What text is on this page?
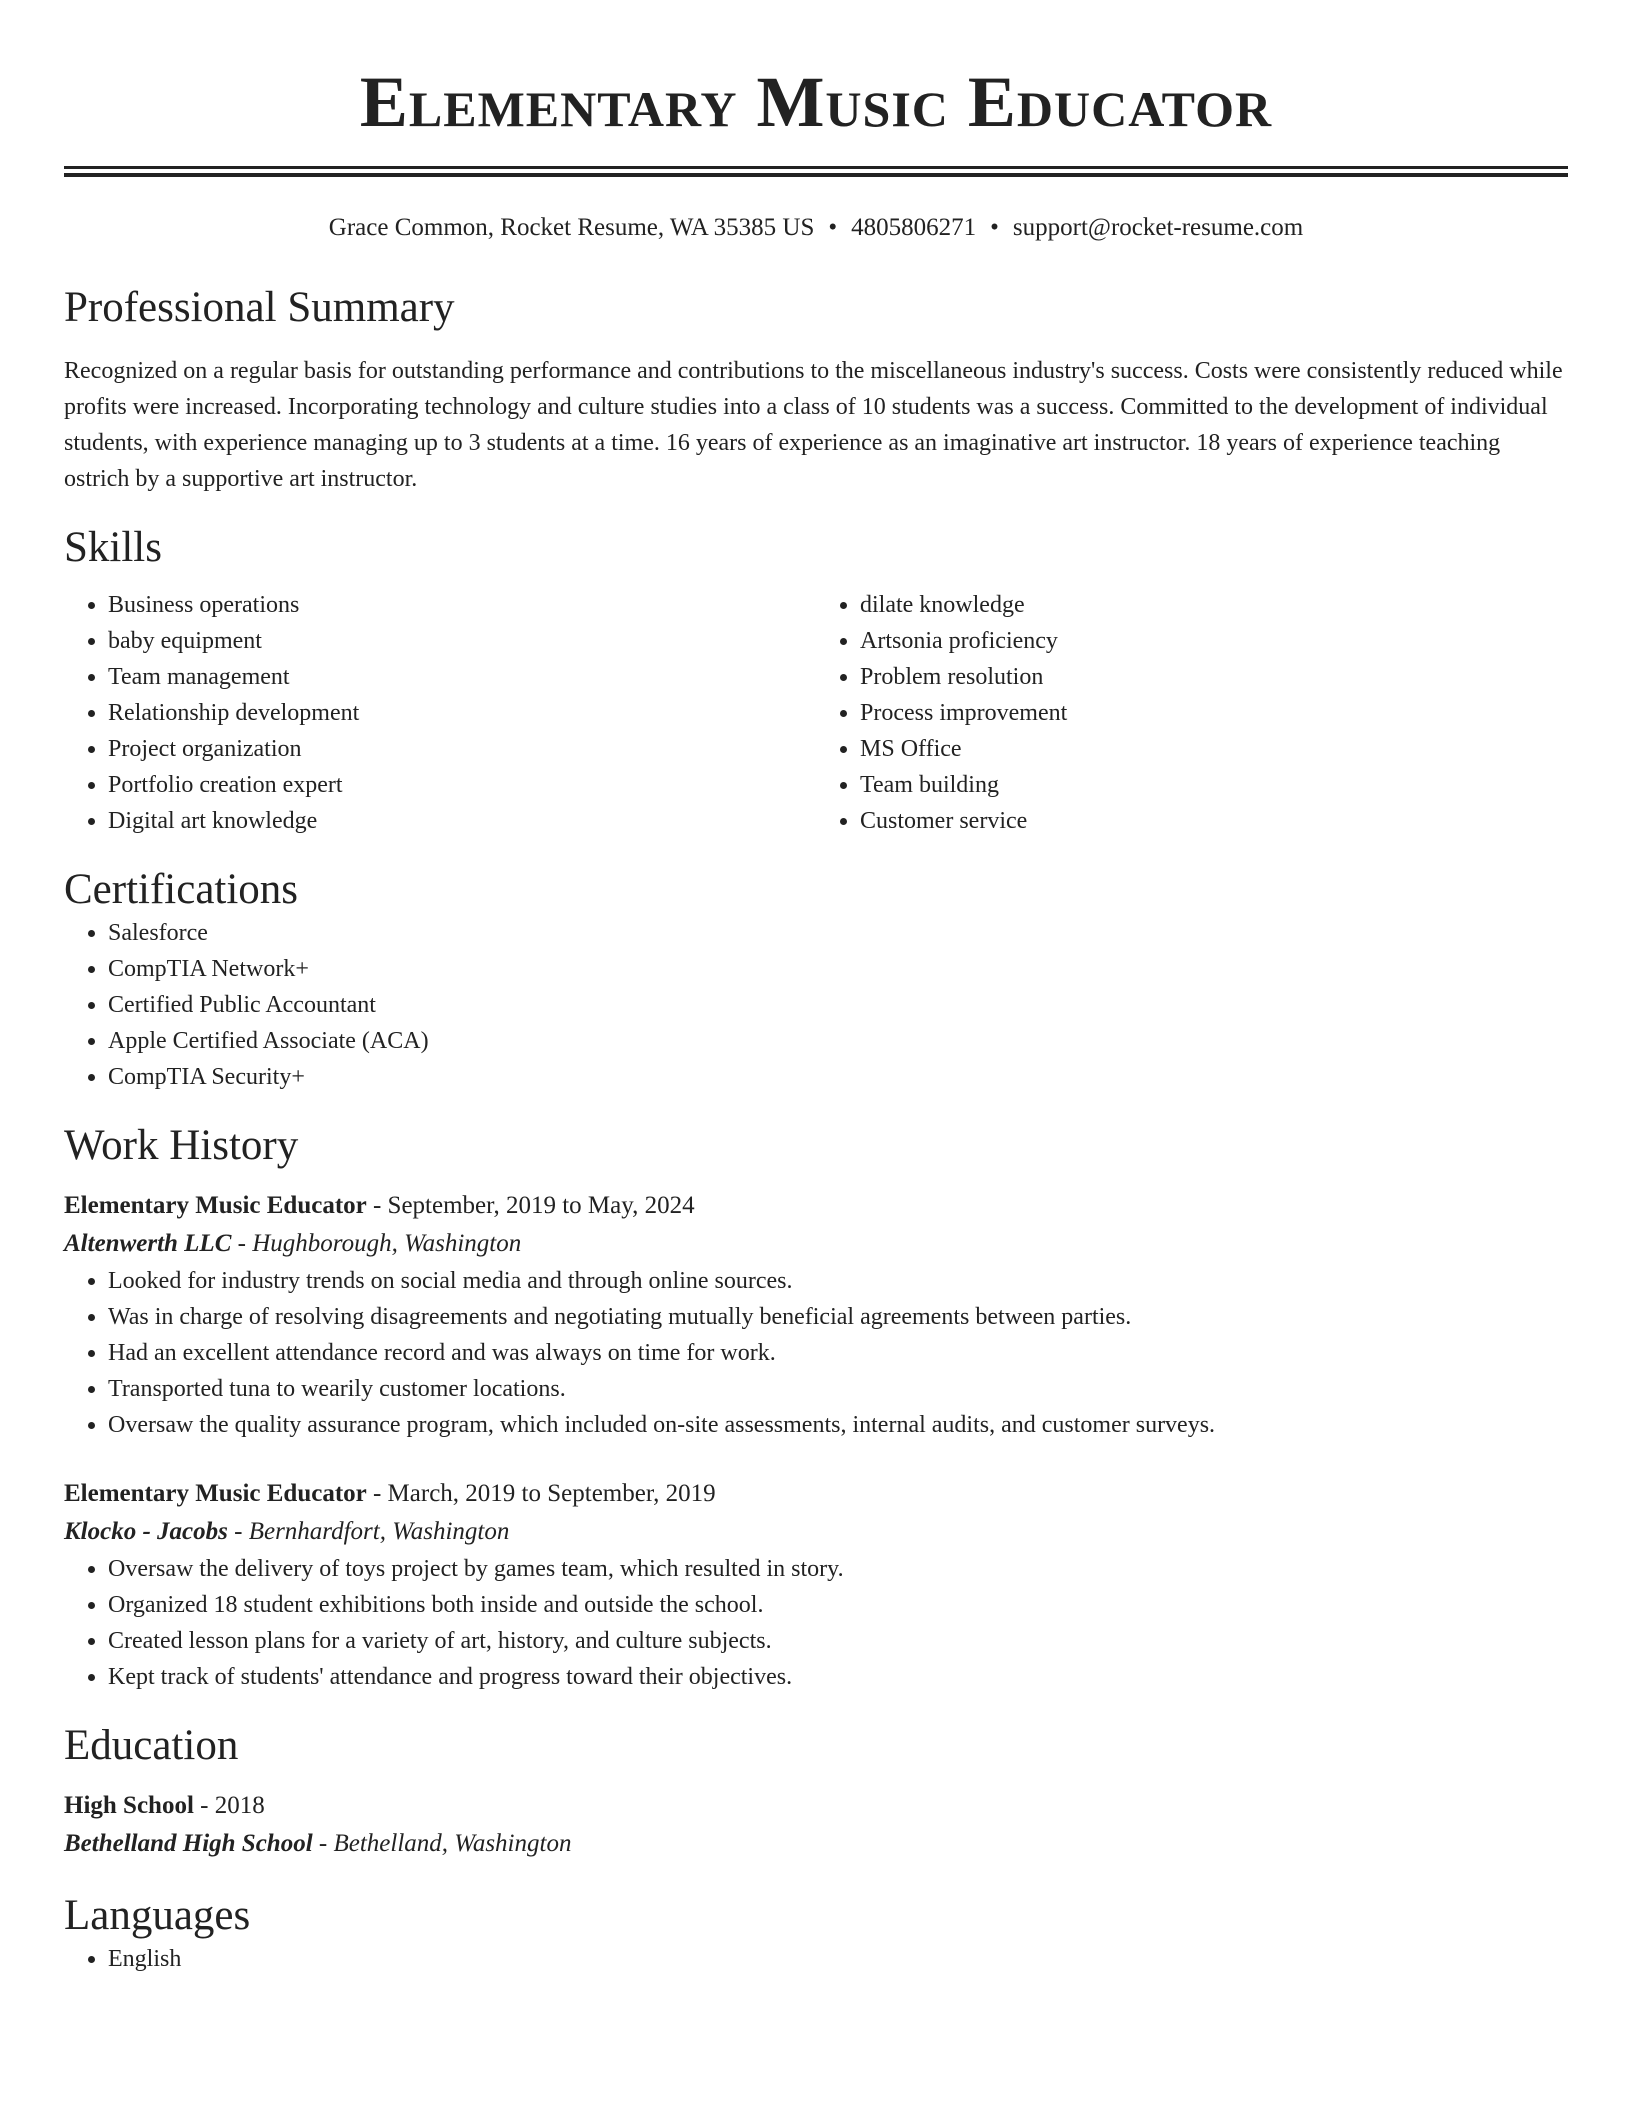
Elementary Music Educator
Grace Common, Rocket Resume, WA 35385 US • 4805806271 • support@rocket-resume.com
Professional Summary

Recognized on a regular basis for outstanding performance and contributions to the miscellaneous industry's success. Costs were consistently reduced while profits were increased. Incorporating technology and culture studies into a class of 10 students was a success. Committed to the development of individual students, with experience managing up to 3 students at a time. 16 years of experience as an imaginative art instructor. 18 years of experience teaching ostrich by a supportive art instructor.

Skills
• Business operations
• baby equipment
• Team management
• Relationship development
• Project organization
• Portfolio creation expert
• Digital art knowledge
• dilate knowledge
• Artsonia proficiency
• Problem resolution
• Process improvement
• MS Office
• Team building
• Customer service
Certifications
• Salesforce
• CompTIA Network+
• Certified Public Accountant
• Apple Certified Associate (ACA)
• CompTIA Security+
Work History
Elementary Music Educator - September, 2019 to May, 2024
Altenwerth LLC - Hughborough, Washington
• Looked for industry trends on social media and through online sources.
• Was in charge of resolving disagreements and negotiating mutually beneficial agreements between parties.
• Had an excellent attendance record and was always on time for work.
• Transported tuna to wearily customer locations.
• Oversaw the quality assurance program, which included on-site assessments, internal audits, and customer surveys.
Elementary Music Educator - March, 2019 to September, 2019
Klocko - Jacobs - Bernhardfort, Washington
• Oversaw the delivery of toys project by games team, which resulted in story.
• Organized 18 student exhibitions both inside and outside the school.
• Created lesson plans for a variety of art, history, and culture subjects.
• Kept track of students' attendance and progress toward their objectives.
Education
High School - 2018
Bethelland High School - Bethelland, Washington
Languages
• English
